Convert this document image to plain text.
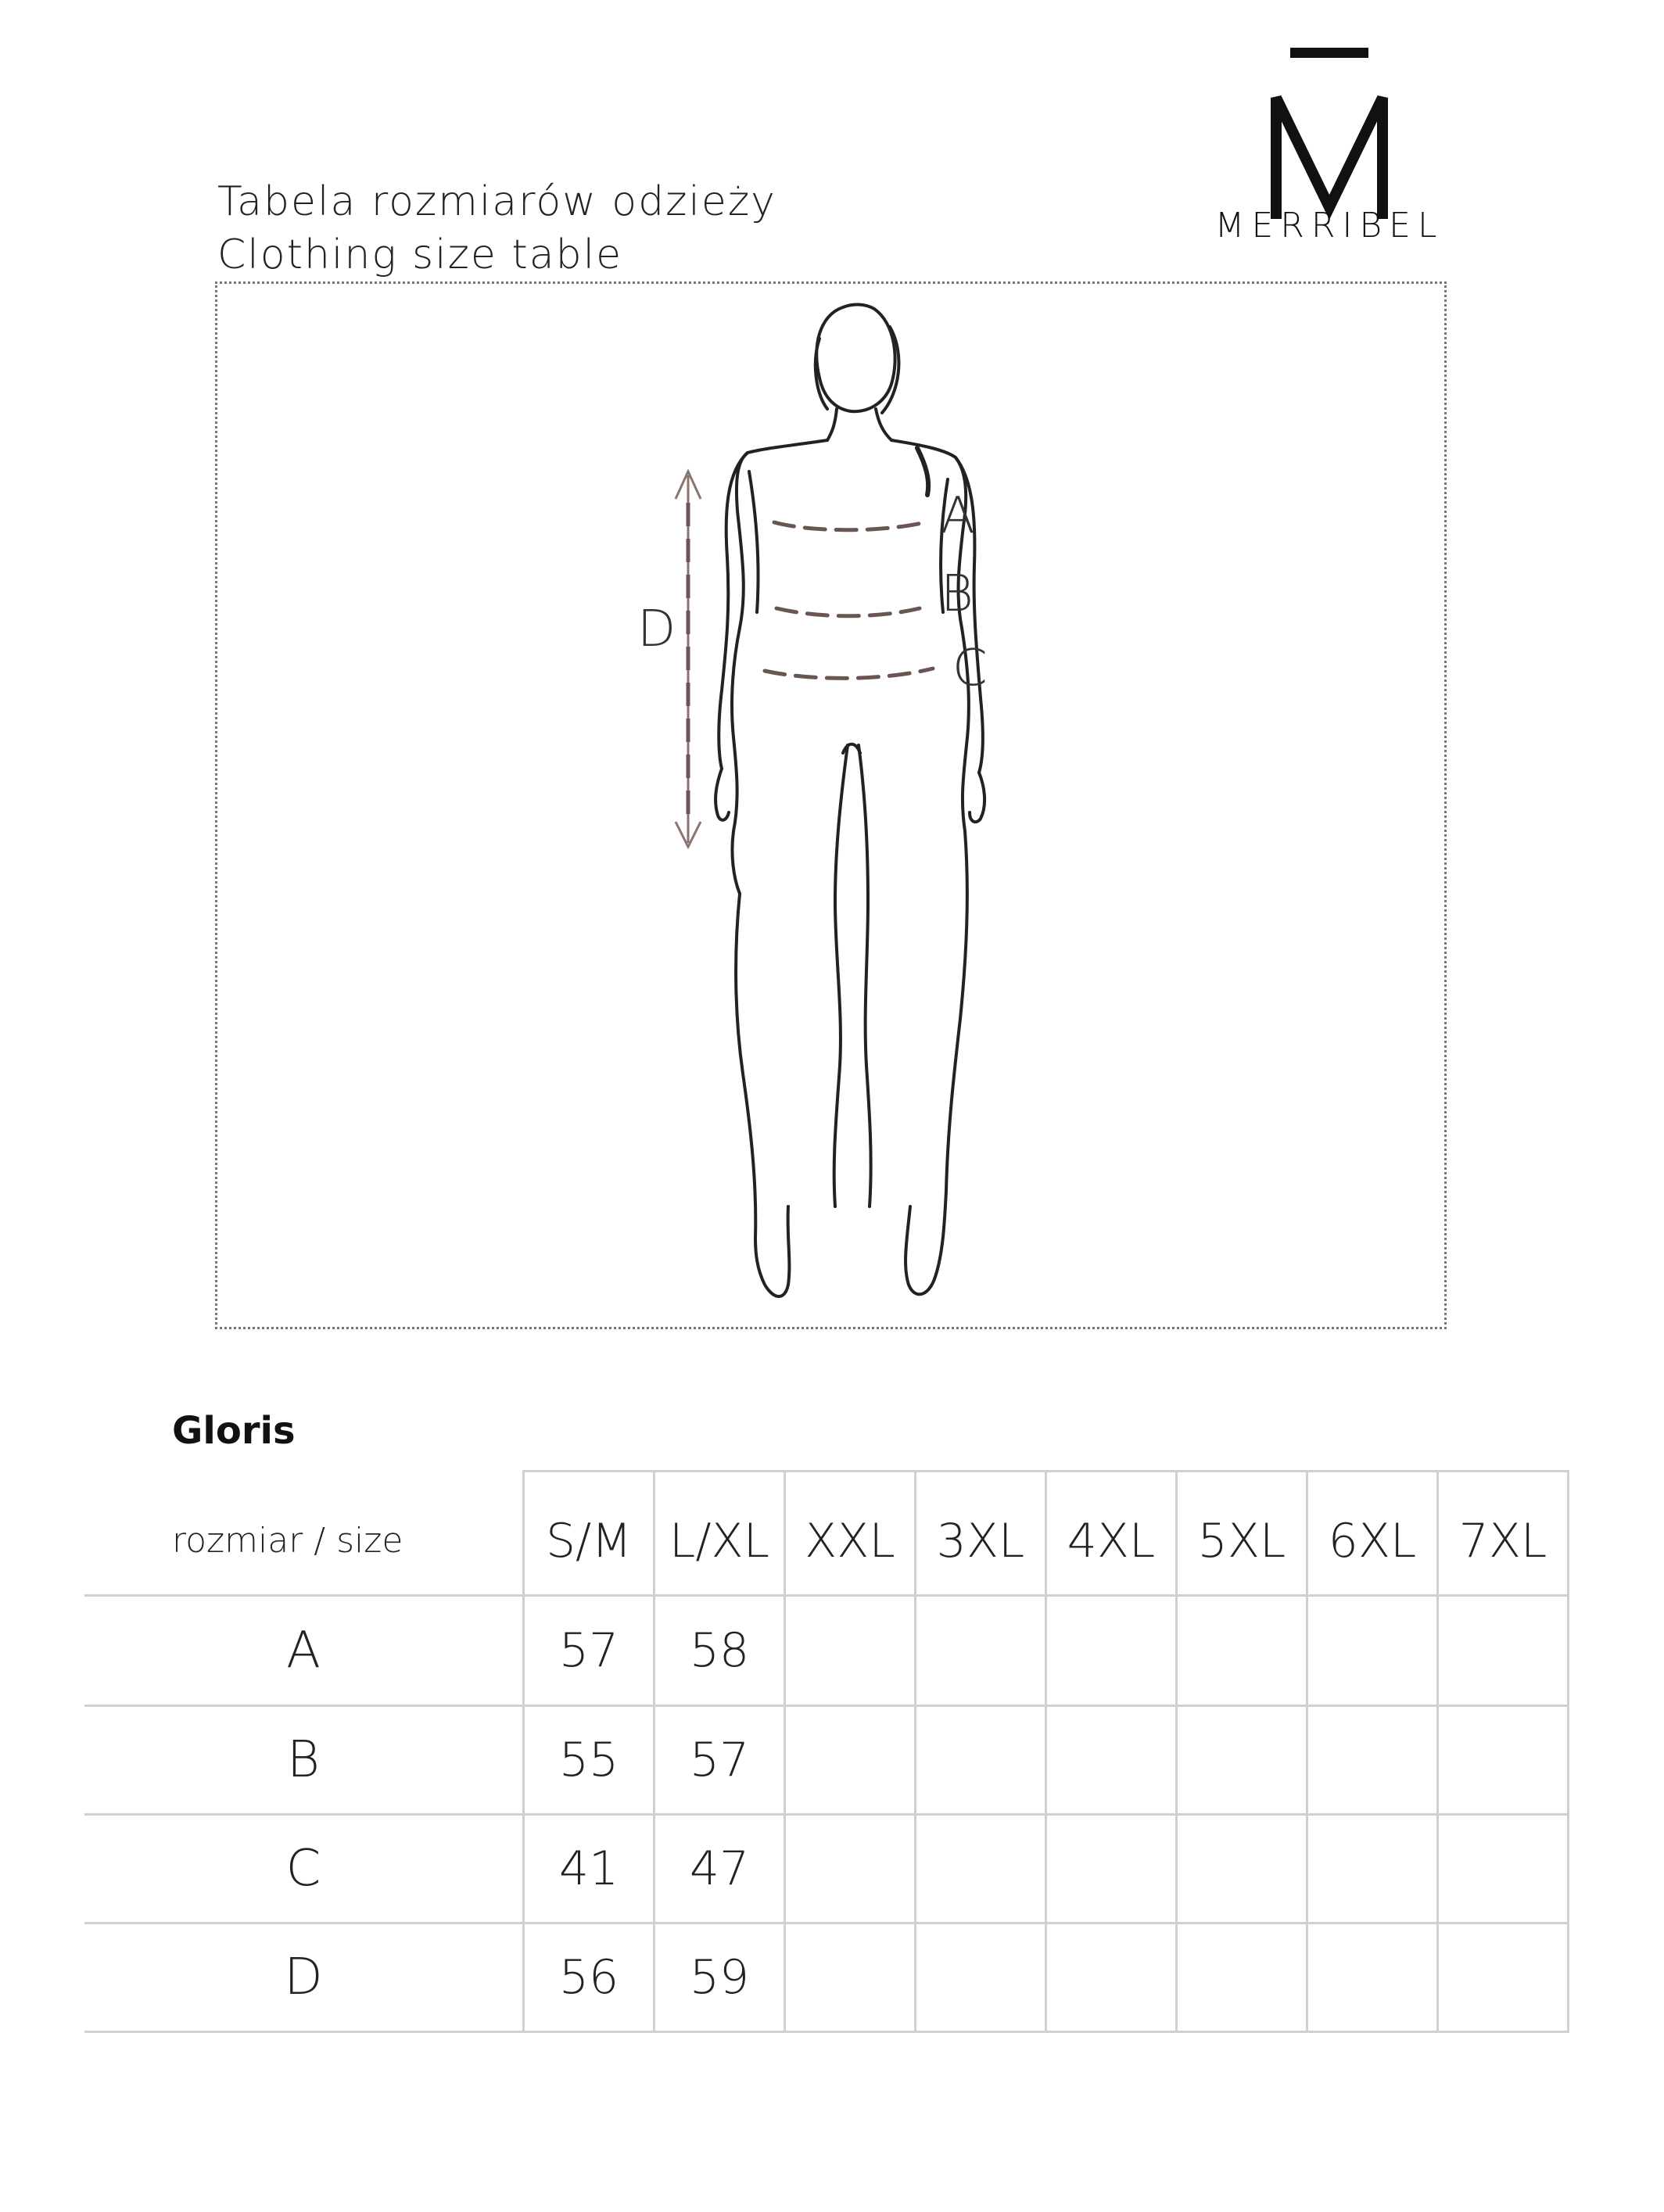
MERRIBEL
Tabela rozmiarów odzieży
Clothing size table
A
B
C
D
Gloris
rozmiar / size	S/M	L/XL	XXL	3XL	4XL	5XL	6XL	7XL
A	57	58						
B	55	57						
C	41	47						
D	56	59						
